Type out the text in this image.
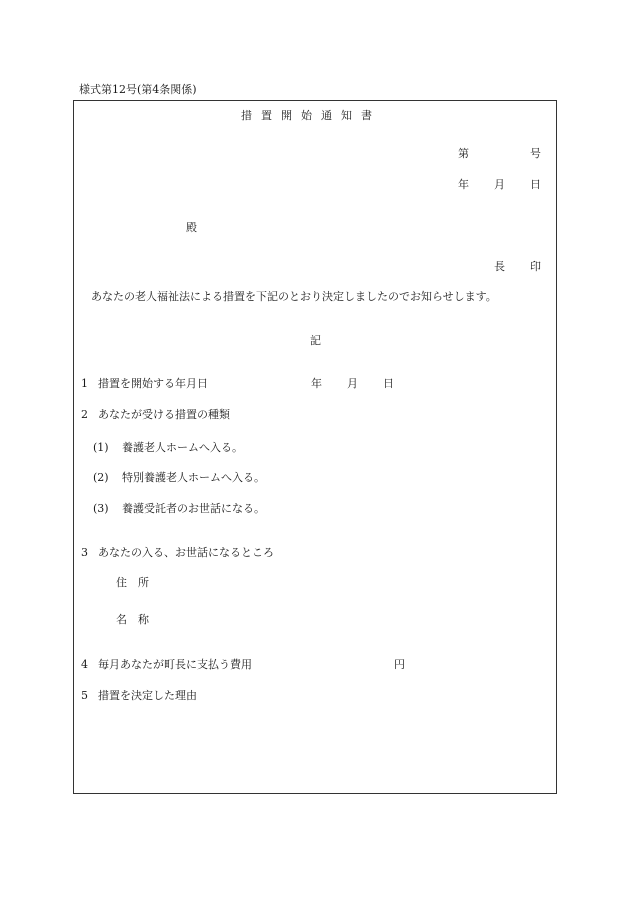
様式第12号(第4条関係)
措置開始通知書
第	号
年 月 日
殿
長 印
あなたの老人福祉法による措置を下記のとおり決定しましたのでお知らせします。
記
1 措置を開始する年月日	年 月 日
2 あなたが受ける措置の種類
(1) 養護老人ホームへ入る。
(2) 特別養護老人ホームへ入る。
(3) 養護受託者のお世話になる。
3 あなたの入る、お世話になるところ
住　所
名　称
4 毎月あなたが町長に支払う費用	円
5 措置を決定した理由
